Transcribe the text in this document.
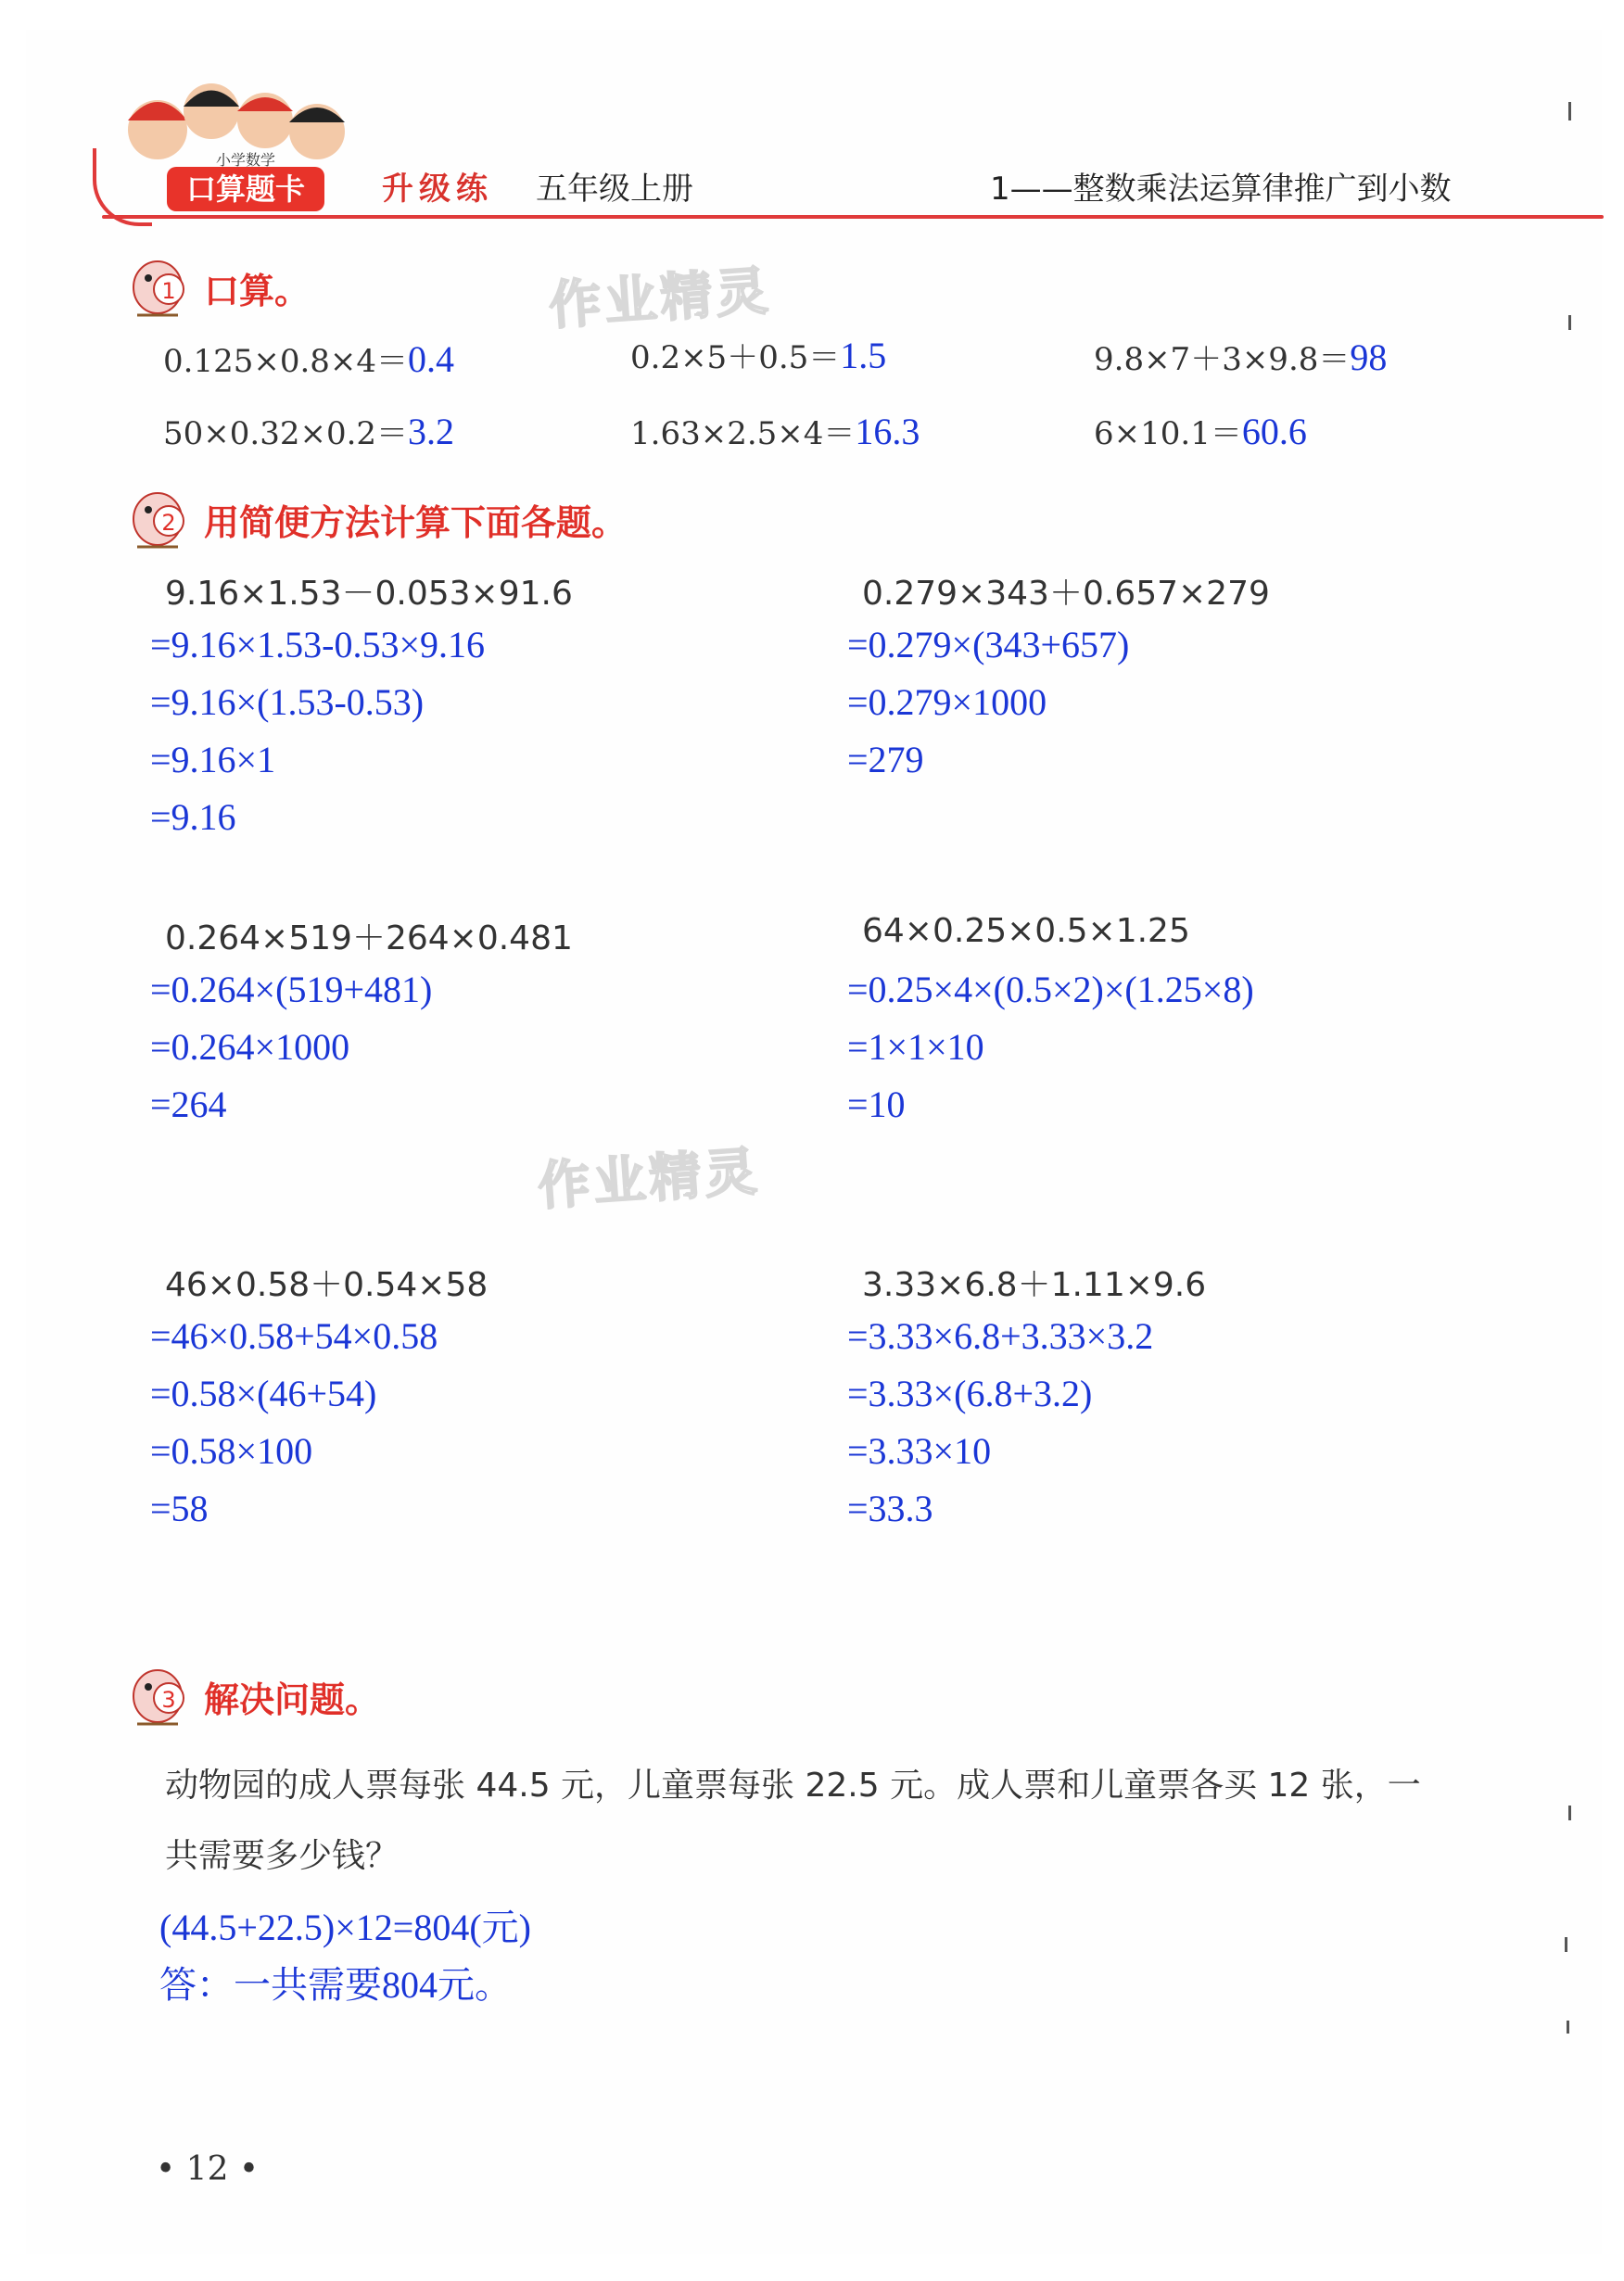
小学数学
口算题卡 升级练 五年级上册	1——整数乘法运算律推广到小数
1 口算。	作业精灵
0.125×0.8×4＝0.4	0.2×5＋0.5＝1.5	9.8×7＋3×9.8＝98
50×0.32×0.2＝3.2	1.63×2.5×4＝16.3	6×10.1＝60.6
2 用简便方法计算下面各题。
9.16×1.53－0.053×91.6
=9.16×1.53-0.53×9.16
=9.16×(1.53-0.53)
=9.16×1
=9.16
0.279×343＋0.657×279
=0.279×(343+657)
=0.279×1000
=279
0.264×519＋264×0.481
=0.264×(519+481)
=0.264×1000
=264
64×0.25×0.5×1.25
=0.25×4×(0.5×2)×(1.25×8)
=1×1×10
=10
作业精灵
46×0.58＋0.54×58
=46×0.58+54×0.58
=0.58×(46+54)
=0.58×100
=58
3.33×6.8＋1.11×9.6
=3.33×6.8+3.33×3.2
=3.33×(6.8+3.2)
=3.33×10
=33.3
3 解决问题。
动物园的成人票每张 44.5 元，儿童票每张 22.5 元。成人票和儿童票各买 12 张，一
共需要多少钱？
(44.5+22.5)×12=804(元)
答：一共需要804元。
• 12 •
